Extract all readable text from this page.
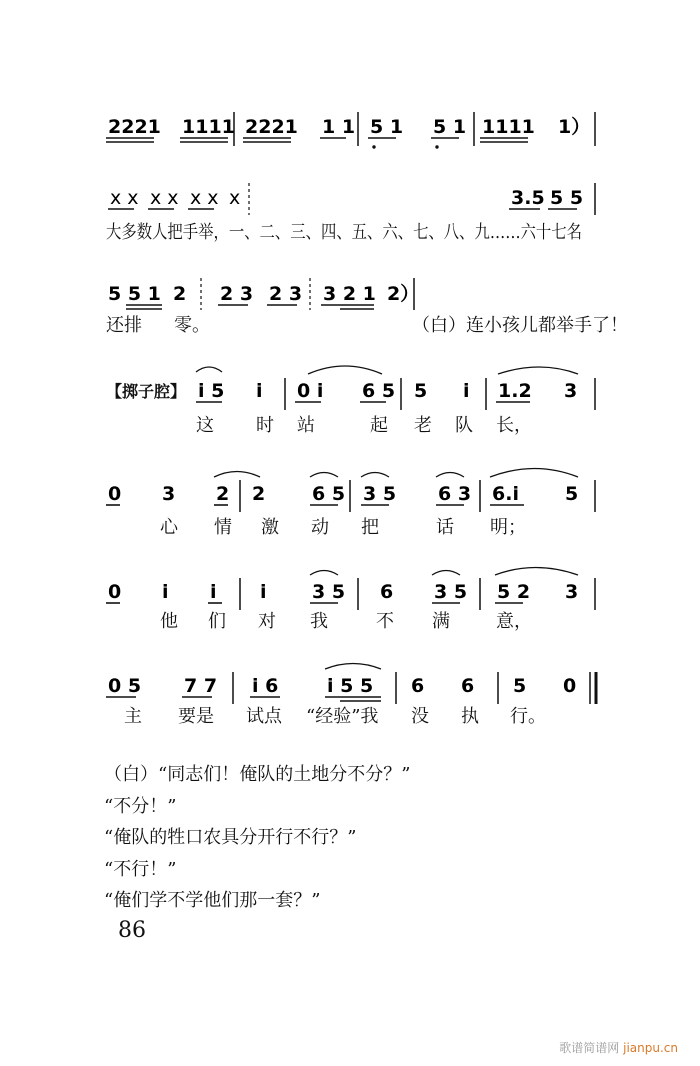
2221 1111 2221 1 1 5 1 5 1 1111 1）
x x x x x x x	3.5 5 5
大多数人把手举，一、二、三、四、五、六、七、八、九……六十七名
5 5 1 2 2 3 2 3 3 2 1 2）
还排 零。	（白）连小孩儿都举手了！
【掷子腔】 i 5 i 0 i 6 5 5 i 1.2 3
这 时 站	起 老 队 长，
0 3 2 2 6 5 3 5 6 3 6.i 5
心 情 激 动 把	话 明；
0 i i i 3 5 6 3 5 5 2 3
他 们 对 我	不 满	意，
0 5 7 7 i 6	i 5 5 6 6 5 0
主 要是 试点 “经验”我 没 执 行。
（白）“同志们！俺队的土地分不分？”
“不分！”
“俺队的牲口农具分开行不行？”
“不行！”
“俺们学不学他们那一套？”
86
歌谱简谱网 jianpu.cn
